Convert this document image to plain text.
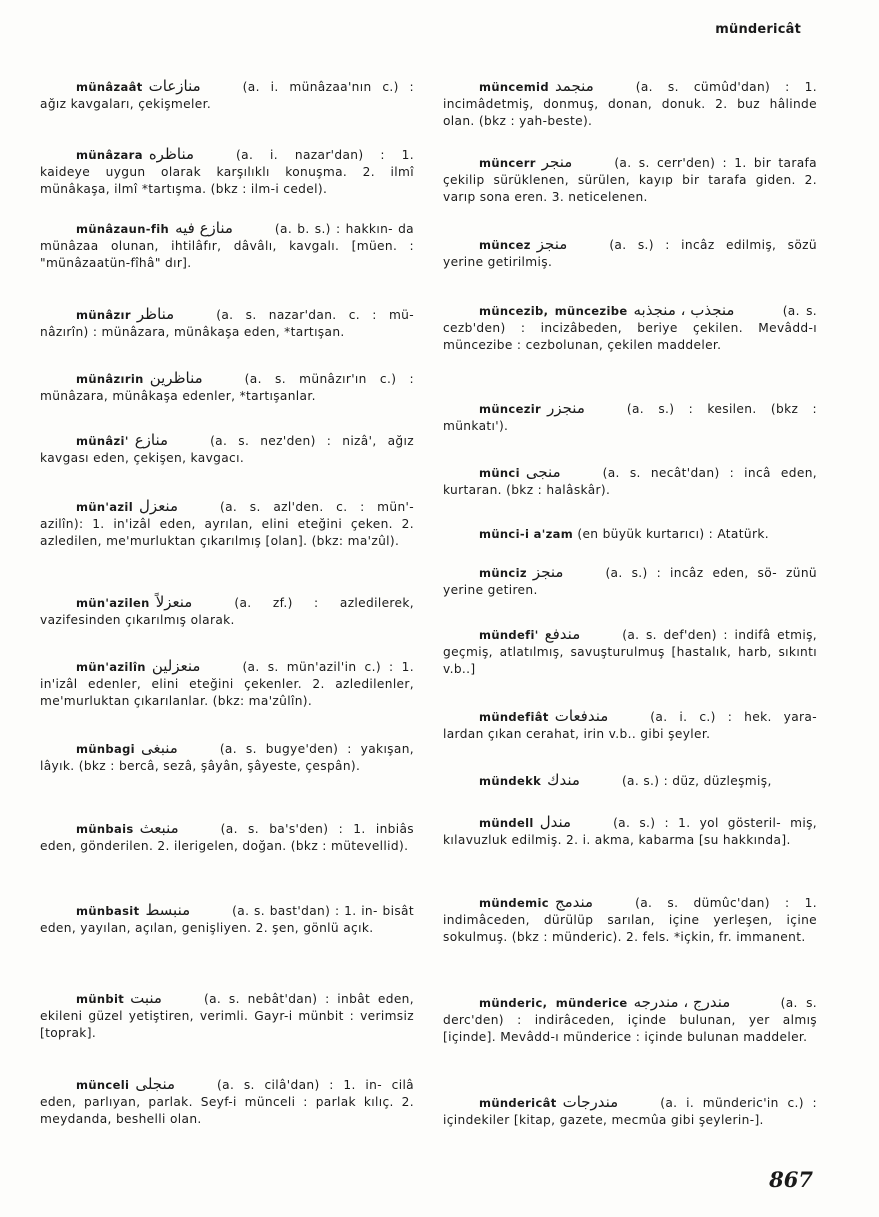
mündericât

münâzaât منازعات	(a. i. münâzaa'nın c.) : ağız kavgaları, çekişmeler.

münâzara مناظره	(a. i. nazar'dan) : 1. kaideye uygun olarak karşılıklı konuşma. 2. ilmî münâkaşa, ilmî *tartışma. (bkz : ilm-i cedel).

münâzaun-fih منازع فيه	(a. b. s.) : hakkın- da münâzaa olunan, ihtilâfır, dâvâlı, kavgalı. [müen. : "münâzaatün-fîhâ" dır].

münâzır مناظر	(a. s. nazar'dan. c. : mü- nâzırîn) : münâzara, münâkaşa eden, *tartışan.

münâzırin مناظرين	(a. s. münâzır'ın c.) : münâzara, münâkaşa edenler, *tartışanlar.

münâzi' منازع	(a. s. nez'den) : nizâ', ağız kavgası eden, çekişen, kavgacı.

mün'azil منعزل	(a. s. azl'den. c. : mün'- azilîn): 1. in'izâl eden, ayrılan, elini eteğini çeken. 2. azledilen, me'murluktan çıkarılmış [olan]. (bkz: ma'zûl).

mün'azilen منعزلاً	(a. zf.) : azledilerek, vazifesinden çıkarılmış olarak.

mün'azilîn منعزلين	(a. s. mün'azil'in c.) : 1. in'izâl edenler, elini eteğini çekenler. 2. azledilenler, me'murluktan çıkarılanlar. (bkz: ma'zûlîn).

münbagi منبغى	(a. s. bugye'den) : yakışan, lâyık. (bkz : bercâ, sezâ, şâyân, şâyeste, çespân).

münbais منبعث	(a. s. ba's'den) : 1. inbiâs eden, gönderilen. 2. ilerigelen, doğan. (bkz : mütevellid).

münbasit منبسط	(a. s. bast'dan) : 1. in- bisât eden, yayılan, açılan, genişliyen. 2. şen, gönlü açık.

münbit منبت	(a. s. nebât'dan) : inbât eden, ekileni güzel yetiştiren, verimli. Gayr-i münbit : verimsiz [toprak].

münceli منجلى	(a. s. cilâ'dan) : 1. in- cilâ eden, parlıyan, parlak. Seyf-i münceli : parlak kılıç. 2. meydanda, beshelli olan.

müncemid منجمد	(a. s. cümûd'dan) : 1. incimâdetmiş, donmuş, donan, donuk. 2. buz hâlinde olan. (bkz : yah-beste).

müncerr منجر	(a. s. cerr'den) : 1. bir tarafa çekilip sürüklenen, sürülen, kayıp bir tarafa giden. 2. varıp sona eren. 3. neticelenen.

müncez منجز	(a. s.) : incâz edilmiş, sözü yerine getirilmiş.

müncezib, müncezibe منجذب ، منجذبه	(a. s. cezb'den) : incizâbeden, beriye çekilen. Mevâdd-ı müncezibe : cezbolunan, çekilen maddeler.

müncezir منجزر	(a. s.) : kesilen. (bkz : münkatı').

münci منجى	(a. s. necât'dan) : incâ eden, kurtaran. (bkz : halâskâr).

münci-i a'zam (en büyük kurtarıcı) : Atatürk.

münciz منجز	(a. s.) : incâz eden, sö- zünü yerine getiren.

mündefi' مندفع	(a. s. def'den) : indifâ etmiş, geçmiş, atlatılmış, savuşturulmuş [hastalık, harb, sıkıntı v.b..]

mündefiât مندفعات	(a. i. c.) : hek. yara- lardan çıkan cerahat, irin v.b.. gibi şeyler.

mündekk مندك	(a. s.) : düz, düzleşmiş,

mündell مندل	(a. s.) : 1. yol gösteril- miş, kılavuzluk edilmiş. 2. i. akma, kabarma [su hakkında].

mündemic مندمج	(a. s. dümûc'dan) : 1. indimâceden, dürülüp sarılan, içine yerleşen, içine sokulmuş. (bkz : münderic). 2. fels. *içkin, fr. immanent.

münderic, münderice مندرج ، مندرجه	(a. s. derc'den) : indirâceden, içinde bulunan, yer almış [içinde]. Mevâdd-ı münderice : içinde bulunan maddeler.

mündericât مندرجات	(a. i. münderic'in c.) : içindekiler [kitap, gazete, mecmûa gibi şeylerin-].

867
